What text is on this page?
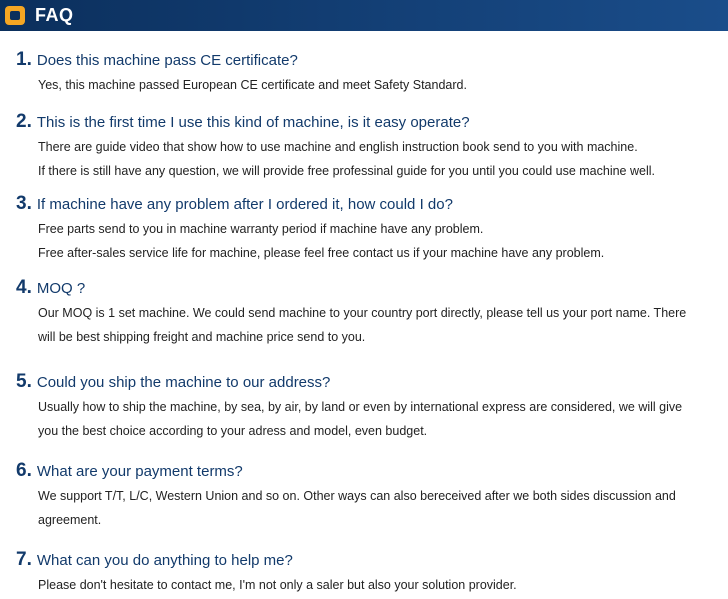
FAQ
1. Does this machine pass CE certificate?
Yes, this machine passed European CE certificate and meet Safety Standard.
2. This is the first time I use this kind of machine, is it easy operate?
There are guide video that show how to use machine and english instruction book send to you with machine.
If there is still have any question, we will provide free professinal guide for you until you could use machine well.
3. If machine have any problem after I ordered it, how could I do?
Free parts send to you in machine warranty period if machine have any problem.
Free after-sales service life for machine, please feel free contact us if your machine have any problem.
4. MOQ ?
Our MOQ is 1 set machine. We could send machine to your country port directly, please tell us your port name. There
will be best shipping freight and machine price send to you.
5. Could you ship the machine to our address?
Usually how to ship the machine, by sea, by air, by land or even by international express are considered, we will give
you the best choice according to your adress and model, even budget.
6. What are your payment terms?
We support T/T, L/C, Western Union and so on. Other ways can also bereceived after we both sides discussion and
agreement.
7. What can you do anything to help me?
Please don't hesitate to contact me, I'm not only a saler but also your solution provider.
